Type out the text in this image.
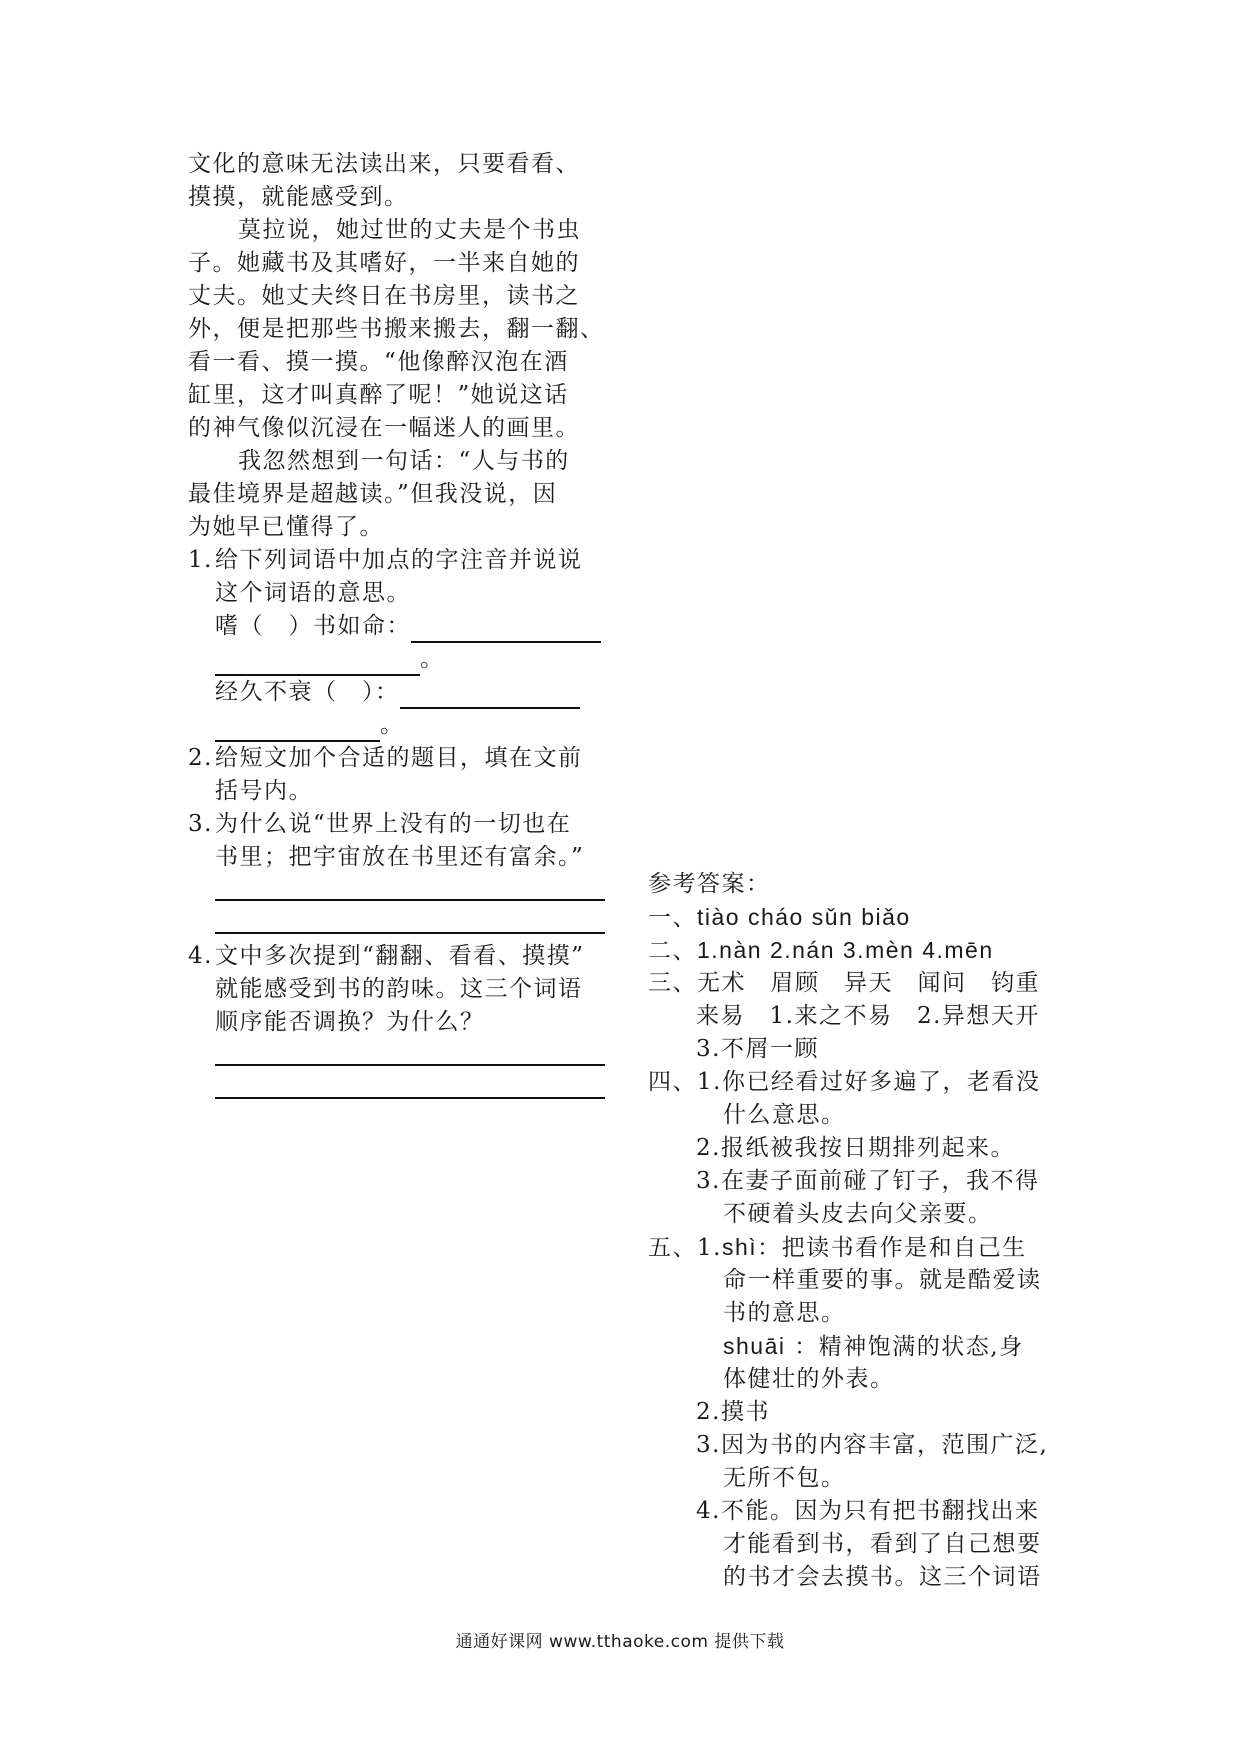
文化的意味无法读出来，只要看看、
摸摸，就能感受到。
莫拉说，她过世的丈夫是个书虫
子。她藏书及其嗜好，一半来自她的
丈夫。她丈夫终日在书房里，读书之
外，便是把那些书搬来搬去，翻一翻、
看一看、摸一摸。“他像醉汉泡在酒
缸里，这才叫真醉了呢！”她说这话
的神气像似沉浸在一幅迷人的画里。
我忽然想到一句话：“人与书的
最佳境界是超越读。”但我没说，因
为她早已懂得了。
1. 给下列词语中加点的字注音并说说
这个词语的意思。
嗜（　）书如命：
。
经久不衰（　）：
。
2. 给短文加个合适的题目，填在文前
括号内。
3. 为什么说“世界上没有的一切也在
书里；把宇宙放在书里还有富余。”
4. 文中多次提到“翻翻、看看、摸摸”
就能感受到书的韵味。这三个词语
顺序能否调换？为什么？
参考答案：
一、tiào cháo sǔn biǎo
二、1.nàn 2.nán 3.mèn 4.mēn
三、无术　眉顾　异天　闻问　钧重
来易　1.来之不易　2.异想天开
3.不屑一顾
四、1.你已经看过好多遍了，老看没
什么意思。
2.报纸被我按日期排列起来。
3.在妻子面前碰了钉子，我不得
不硬着头皮去向父亲要。
五、1.shì：把读书看作是和自己生
命一样重要的事。就是酷爱读
书的意思。
shuāi ：精神饱满的状态,身
体健壮的外表。
2.摸书
3.因为书的内容丰富，范围广泛,
无所不包。
4.不能。因为只有把书翻找出来
才能看到书，看到了自己想要
的书才会去摸书。这三个词语
通通好课网 www.tthaoke.com 提供下载
